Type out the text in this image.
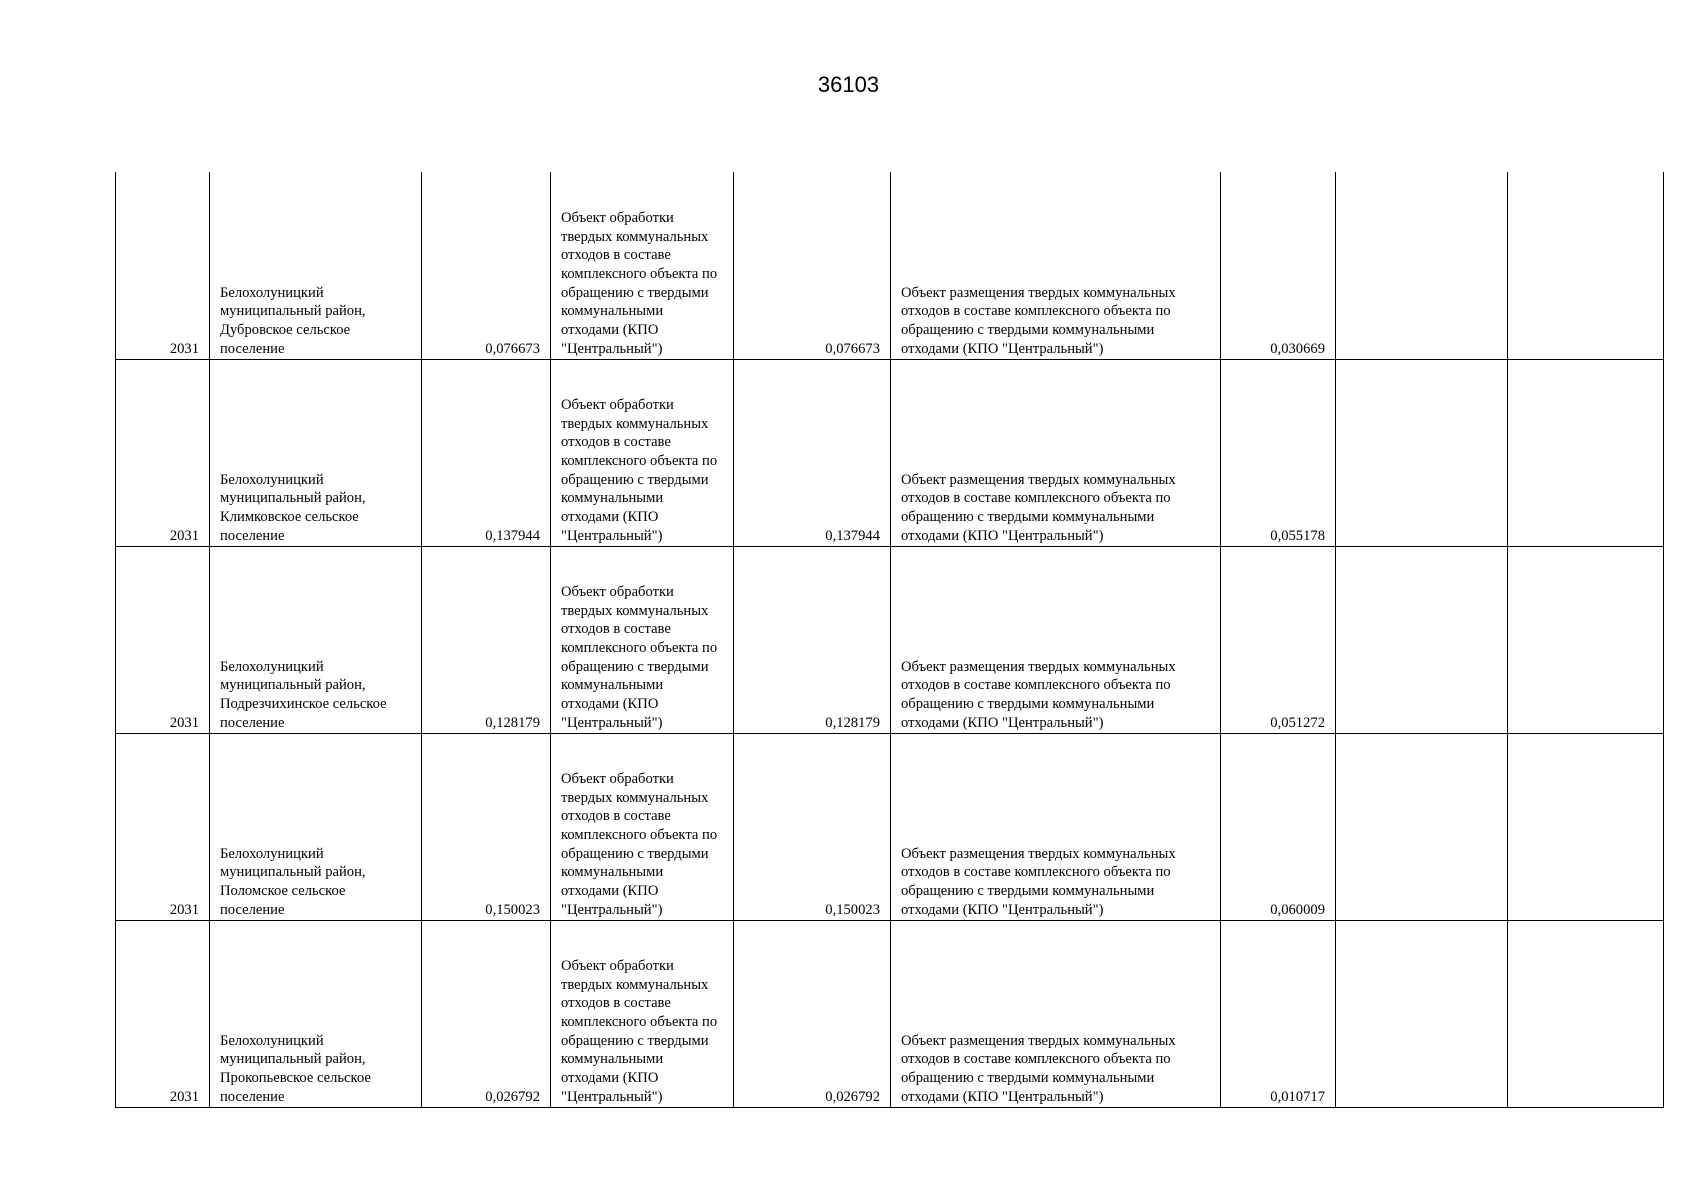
36103
2031	Белохолуницкий муниципальный район, Дубровское сельское поселение	0,076673	Объект обработки твердых коммунальных отходов в составе комплексного объекта по обращению с твердыми коммунальными отходами (КПО "Центральный")	0,076673	Объект размещения твердых коммунальных отходов в составе комплексного объекта по обращению с твердыми коммунальными отходами (КПО "Центральный")	0,030669		

2031	Белохолуницкий муниципальный район, Климковское сельское поселение	0,137944	Объект обработки твердых коммунальных отходов в составе комплексного объекта по обращению с твердыми коммунальными отходами (КПО "Центральный")	0,137944	Объект размещения твердых коммунальных отходов в составе комплексного объекта по обращению с твердыми коммунальными отходами (КПО "Центральный")	0,055178		

2031	Белохолуницкий муниципальный район, Подрезчихинское сельское поселение	0,128179	Объект обработки твердых коммунальных отходов в составе комплексного объекта по обращению с твердыми коммунальными отходами (КПО "Центральный")	0,128179	Объект размещения твердых коммунальных отходов в составе комплексного объекта по обращению с твердыми коммунальными отходами (КПО "Центральный")	0,051272		

2031	Белохолуницкий муниципальный район, Поломское сельское поселение	0,150023	Объект обработки твердых коммунальных отходов в составе комплексного объекта по обращению с твердыми коммунальными отходами (КПО "Центральный")	0,150023	Объект размещения твердых коммунальных отходов в составе комплексного объекта по обращению с твердыми коммунальными отходами (КПО "Центральный")	0,060009		

2031	Белохолуницкий муниципальный район, Прокопьевское сельское поселение	0,026792	Объект обработки твердых коммунальных отходов в составе комплексного объекта по обращению с твердыми коммунальными отходами (КПО "Центральный")	0,026792	Объект размещения твердых коммунальных отходов в составе комплексного объекта по обращению с твердыми коммунальными отходами (КПО "Центральный")	0,010717		
